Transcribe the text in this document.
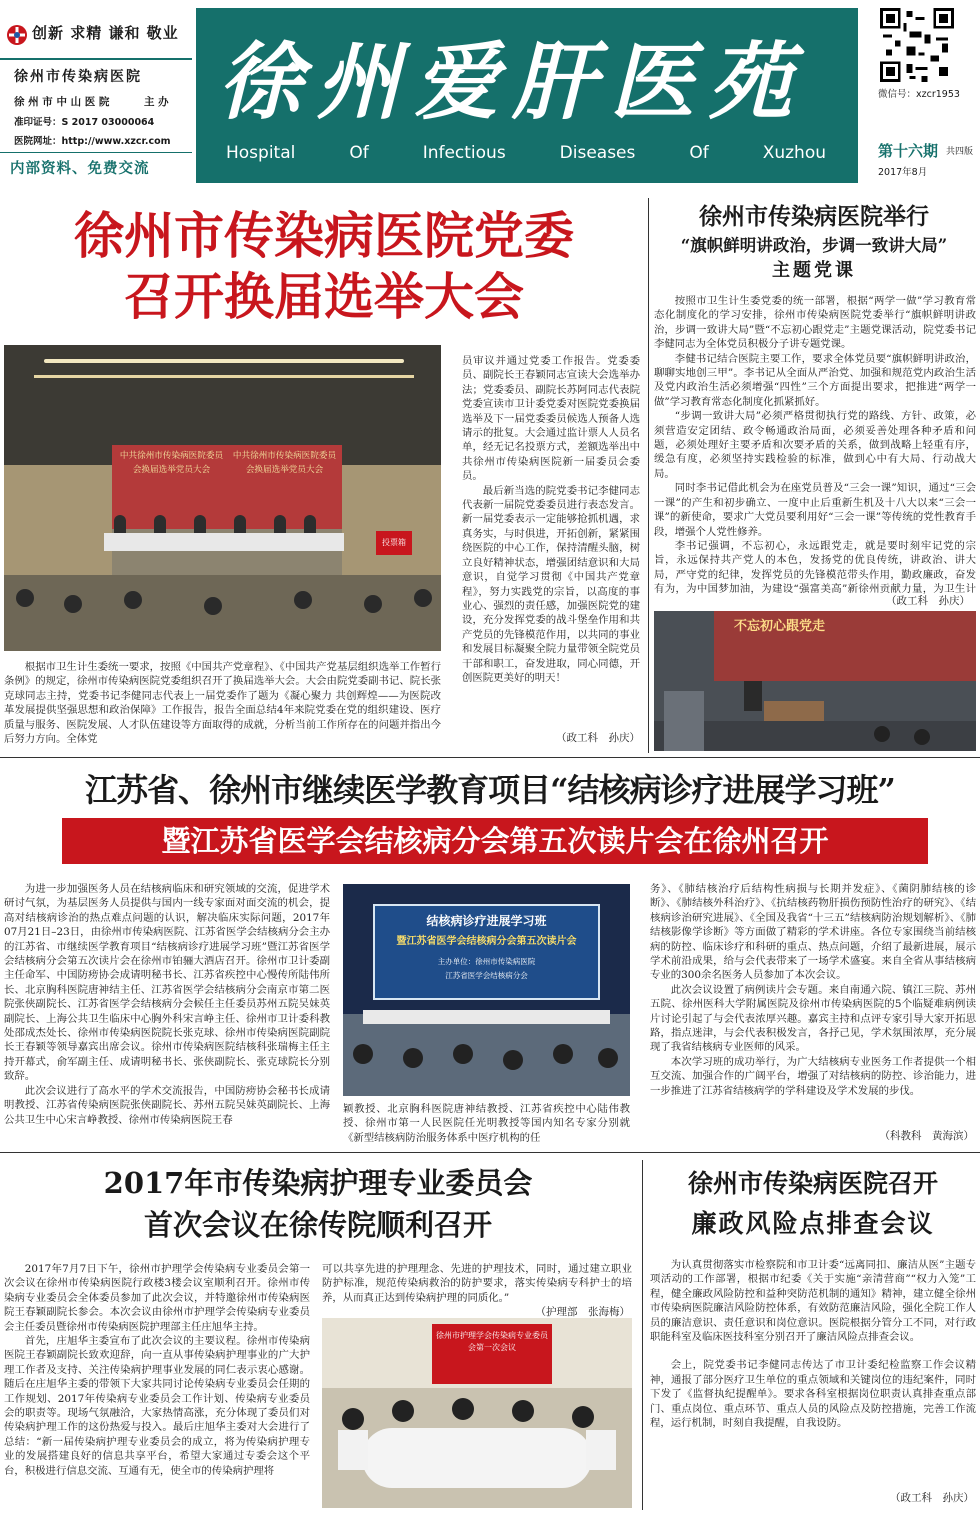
创新 求精 谦和 敬业
徐州市传染病医院
徐 州 市 中 山 医 院	主 办
准印证号：S 2017 03000064
医院网址：http://www.xzcr.com
内部资料、免费交流
徐州爱肝医苑
Hospital	Of	Infectious	Diseases	Of	Xuzhou
微信号：xzcr1953
第十六期 共四版
2017年8月
徐州市传染病医院党委
召开换届选举大会
中共徐州市传染病医院委员会换届选举党员大会
中共徐州市传染病医院委员会换届选举党员大会
投票箱

根据市卫生计生委统一要求，按照《中国共产党章程》、《中国共产党基层组织选举工作暂行条例》的规定，徐州市传染病医院党委组织召开了换届选举大会。大会由院党委副书记、院长张克球同志主持，党委书记李健同志代表上一届党委作了题为《凝心聚力 共创辉煌——为医院改革发展提供坚强思想和政治保障》工作报告，报告全面总结4年来院党委在党的组织建设、医疗质量与服务、医院发展、人才队伍建设等方面取得的成就，分析当前工作所存在的问题并指出今后努力方向。全体党

员审议并通过党委工作报告。党委委员、副院长王春颖同志宣读大会选举办法；党委委员、副院长苏阿同志代表院党委宣读市卫计委党委对医院党委换届选举及下一届党委委员候选人预备人选请示的批复。大会通过监计票人人员名单，经无记名投票方式，差额选举出中共徐州市传染病医院新一届委员会委员。

最后新当选的院党委书记李健同志代表新一届院党委委员进行表态发言。新一届党委表示一定能够抢抓机遇，求真务实，与时俱进，开拓创新，紧紧围绕医院的中心工作，保持清醒头脑，树立良好精神状态，增强团结意识和大局意识，自觉学习贯彻《中国共产党章程》，努力实践党的宗旨，以高度的事业心、强烈的责任感，加强医院党的建设，充分发挥党委的战斗堡垒作用和共产党员的先锋模范作用，以共同的事业和发展目标凝聚全院力量带领全院党员干部和职工，奋发进取，同心同德，开创医院更美好的明天！

（政工科　孙庆）
徐州市传染病医院举行
“旗帜鲜明讲政治，步调一致讲大局”
主题党课

按照市卫生计生委党委的统一部署，根据“两学一做”学习教育常态化制度化的学习安排，徐州市传染病医院党委举行“旗帜鲜明讲政治，步调一致讲大局”暨“不忘初心跟党走”主题党课活动，院党委书记李健同志为全体党员积极分子讲专题党课。

李健书记结合医院主要工作，要求全体党员要“旗帜鲜明讲政治，聊聊实地创三甲”。李书记从全面从严治党、加强和规范党内政治生活及党内政治生活必须增强“四性”三个方面提出要求，把推进“两学一做”学习教育常态化制度化抓紧抓好。

“步调一致讲大局”必须严格贯彻执行党的路线、方针、政策，必须营造安定团结、政令畅通政治局面，必须妥善处理各种矛盾和问题，必须处理好主要矛盾和次要矛盾的关系，做到战略上轻重有序，缓急有度，必须坚持实践检验的标准，做到心中有大局、行动战大局。

同时李书记借此机会为在座党员普及“三会一课”知识，通过“三会一课”的产生和初步确立、一度中止后重新生机及十八大以来“三会一课”的新使命，要求广大党员要利用好“三会一课”等传统的党性教育手段，增强个人党性修养。

李书记强调，不忘初心，永远跟党走，就是要时刻牢记党的宗旨，永远保持共产党人的本色，发扬党的优良传统，讲政治、讲大局，严守党的纪律，发挥党员的先锋模范带头作用，勤政廉政，奋发有为，为中国梦加油，为建设“强富美高”新徐州贡献力量，为卫生计

（政工科　孙庆）
不忘初心跟党走
江苏省、徐州市继续医学教育项目“结核病诊疗进展学习班”
暨江苏省医学会结核病分会第五次读片会在徐州召开

为进一步加强医务人员在结核病临床和研究领域的交流，促进学术研讨气氛，为基层医务人员提供与国内一线专家面对面交流的机会，提高对结核病诊治的热点难点问题的认识，解决临床实际问题，2017年07月21日–23日，由徐州市传染病医院、江苏省医学会结核病分会主办的江苏省、市继续医学教育项目“结核病诊疗进展学习班”暨江苏省医学会结核病分会第五次读片会在徐州市铂骊大酒店召开。徐州市卫计委副主任命军、中国防痨协会成请明秘书长、江苏省疾控中心慢传所陆伟所长、北京胸科医院唐神结主任、江苏省医学会结核病分会南京市第二医院张侠副院长、江苏省医学会结核病分会候任主任委员苏州五院吴妹英副院长、上海公共卫生临床中心胸外科宋言峥主任、徐州市卫计委科教处邵成杰处长、徐州市传染病医院院长张克球、徐州市传染病医院副院长王春颖等领导嘉宾出席会议。徐州市传染病医院结核科张瑞梅主任主持开幕式，俞军副主任、成请明秘书长、张侠副院长、张克球院长分别致辞。

此次会议进行了高水平的学术交流报告，中国防痨协会秘书长成请明教授、江苏省传染病医院张侠副院长、苏州五院吴妹英副院长、上海公共卫生中心宋言峥教授、徐州市传染病医院王春

结核病诊疗进展学习班
暨江苏省医学会结核病分会第五次读片会
主办单位：徐州市传染病医院
江苏省医学会结核病分会

颖教授、北京胸科医院唐神结教授、江苏省疾控中心陆伟教授、徐州市第一人民医院任光明教授等国内知名专家分别就《新型结核病防治服务体系中医疗机构的任

务》、《肺结核治疗后结构性病损与长期并发症》、《菌阴肺结核的诊断》、《肺结核外科治疗》、《抗结核药物肝损伤预防性治疗的研究》、《结核病诊治研究进展》、《全国及我省“十三五”结核病防治规划解析》、《肺结核影像学诊断》等方面做了精彩的学术讲座。各位专家围绕当前结核病的防控、临床诊疗和科研的重点、热点问题，介绍了最新进展，展示学术前沿成果，给与会代表带来了一场学术盛宴。来自全省从事结核病专业的300余名医务人员参加了本次会议。

此次会议设置了病例读片会专题。来自南通六院、镇江三院、苏州五院、徐州医科大学附属医院及徐州市传染病医院的5个临疑难病例读片讨论引起了与会代表浓厚兴趣。嘉宾主持和点评专家引导大家开拓思路，指点迷津，与会代表积极发言，各抒己见，学术氛围浓厚，充分展现了我省结核病专业医师的风采。

本次学习班的成功举行，为广大结核病专业医务工作者提供一个相互交流、加强合作的广阔平台，增强了对结核病的防控、诊治能力，进一步推进了江苏省结核病学的学科建设及学术发展的步伐。

（科教科　黄海滨）
2017年市传染病护理专业委员会
首次会议在徐传院顺利召开

2017年7月7日下午，徐州市护理学会传染病专业委员会第一次会议在徐州市传染病医院行政楼3楼会议室顺利召开。徐州市传染病专业委员会全体委员参加了此次会议，并特邀徐州市传染病医院王春颖副院长参会。本次会议由徐州市护理学会传染病专业委员会主任委员暨徐州市传染病医院护理部主任庄旭华主持。

首先，庄旭华主委宣布了此次会议的主要议程。徐州市传染病医院王春颖副院长致欢迎辞，向一直从事传染病护理事业的广大护理工作者及支持、关注传染病护理事业发展的同仁表示衷心感谢。随后在庄旭华主委的带领下大家共同讨论传染病专业委员会任期的工作规划、2017年传染病专业委员会工作计划、传染病专业委员会的职责等。现场气氛融洽，大家热情高涨，充分体现了委员们对传染病护理工作的这份热爱与投入。最后庄旭华主委对大会进行了总结：“新一届传染病护理专业委员会的成立，将为传染病护理专业的发展搭建良好的信息共享平台，希望大家通过专委会这个平台，积极进行信息交流、互通有无，使全市的传染病护理将

可以共享先进的护理理念、先进的护理技术，同时，通过建立职业防护标准，规范传染病救治的防护要求，落实传染病专科护士的培养，从而真正达到传染病护理的同质化。”

（护理部　张海梅）
徐州市护理学会传染病专业委员会第一次会议
徐州市传染病医院召开
廉政风险点排查会议

为认真贯彻落实市检察院和市卫计委“远离同扣、廉洁从医”主题专项活动的工作部署，根据市纪委《关于实施“亲清营商”“权力入笼”工程，健全廉政风险防控和益种突防范机制的通知》精神，建立健全徐州市传染病医院廉洁风险防控体系，有效防范廉洁风险，强化全院工作人员的廉洁意识、责任意识和岗位意识。医院根据分管分工不同，对行政职能科室及临床医技科室分别召开了廉洁风险点排查会议。

会上，院党委书记李健同志传达了市卫计委纪检监察工作会议精神，通报了部分医疗卫生单位的重点领域和关键岗位的违纪案件，同时下发了《监督执纪提醒单》。要求各科室根据岗位职责认真排查重点部门、重点岗位、重点环节、重点人员的风险点及防控措施，完善工作流程，运行机制，时刻自我提醒，自我设防。

（政工科　孙庆）
